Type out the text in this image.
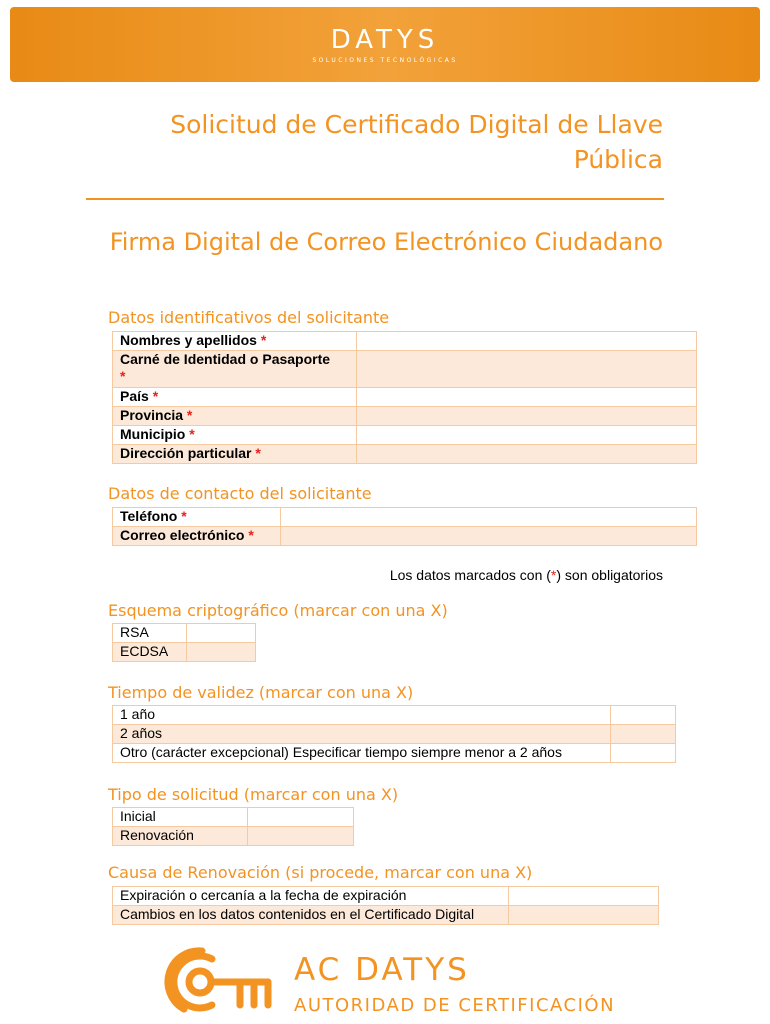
DATYS
SOLUCIONES TECNOLÓGICAS
Solicitud de Certificado Digital de Llave Pública
Firma Digital de Correo Electrónico Ciudadano
Datos identificativos del solicitante
Nombres y apellidos *	
Carné de Identidad o Pasaporte
*	
País *	
Provincia *	
Municipio *	
Dirección particular *	
Datos de contacto del solicitante
Teléfono *	
Correo electrónico *	
Los datos marcados con (*) son obligatorios
Esquema criptográfico (marcar con una X)
RSA	
ECDSA	
Tiempo de validez (marcar con una X)
1 año	
2 años	
Otro (carácter excepcional) Especificar tiempo siempre menor a 2 años	
Tipo de solicitud (marcar con una X)
Inicial	
Renovación	
Causa de Renovación (si procede, marcar con una X)
Expiración o cercanía a la fecha de expiración	
Cambios en los datos contenidos en el Certificado Digital	
AC DATYS
AUTORIDAD DE CERTIFICACIÓN
